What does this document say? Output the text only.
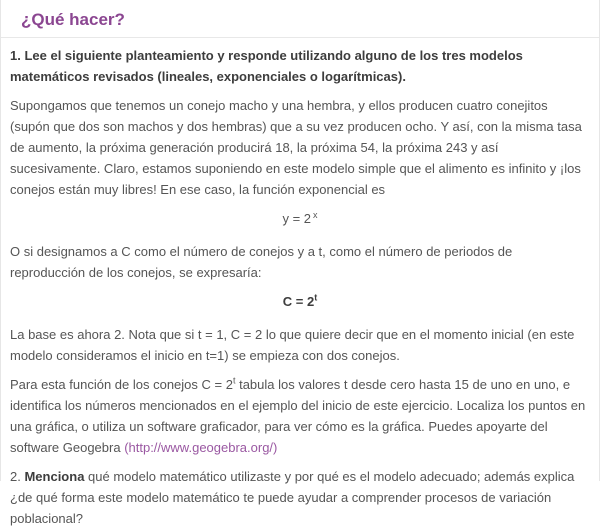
¿Qué hacer?

1. Lee el siguiente planteamiento y responde utilizando alguno de los tres modelos matemáticos revisados (lineales, exponenciales o logarítmicas).

Supongamos que tenemos un conejo macho y una hembra, y ellos producen cuatro conejitos (supón que dos son machos y dos hembras) que a su vez producen ocho. Y así, con la misma tasa de aumento, la próxima generación producirá 18, la próxima 54, la próxima 243 y así sucesivamente. Claro, estamos suponiendo en este modelo simple que el alimento es infinito y ¡los conejos están muy libres! En ese caso, la función exponencial es

y = 2 $^x$

O si designamos a C como el número de conejos y a t, como el número de periodos de reproducción de los conejos, se expresaría:

$C = 2^t$

La base es ahora 2. Nota que si t = 1, C = 2 lo que quiere decir que en el momento inicial (en este modelo consideramos el inicio en t=1) se empieza con dos conejos.

Para esta función de los conejos $C = 2^t$ tabula los valores t desde cero hasta 15 de uno en uno, e identifica los números mencionados en el ejemplo del inicio de este ejercicio. Localiza los puntos en una gráfica, o utiliza un software graficador, para ver cómo es la gráfica. Puedes apoyarte del software Geogebra (http://www.geogebra.org/)

2. Menciona qué modelo matemático utilizaste y por qué es el modelo adecuado; además explica ¿de qué forma este modelo matemático te puede ayudar a comprender procesos de variación poblacional?
